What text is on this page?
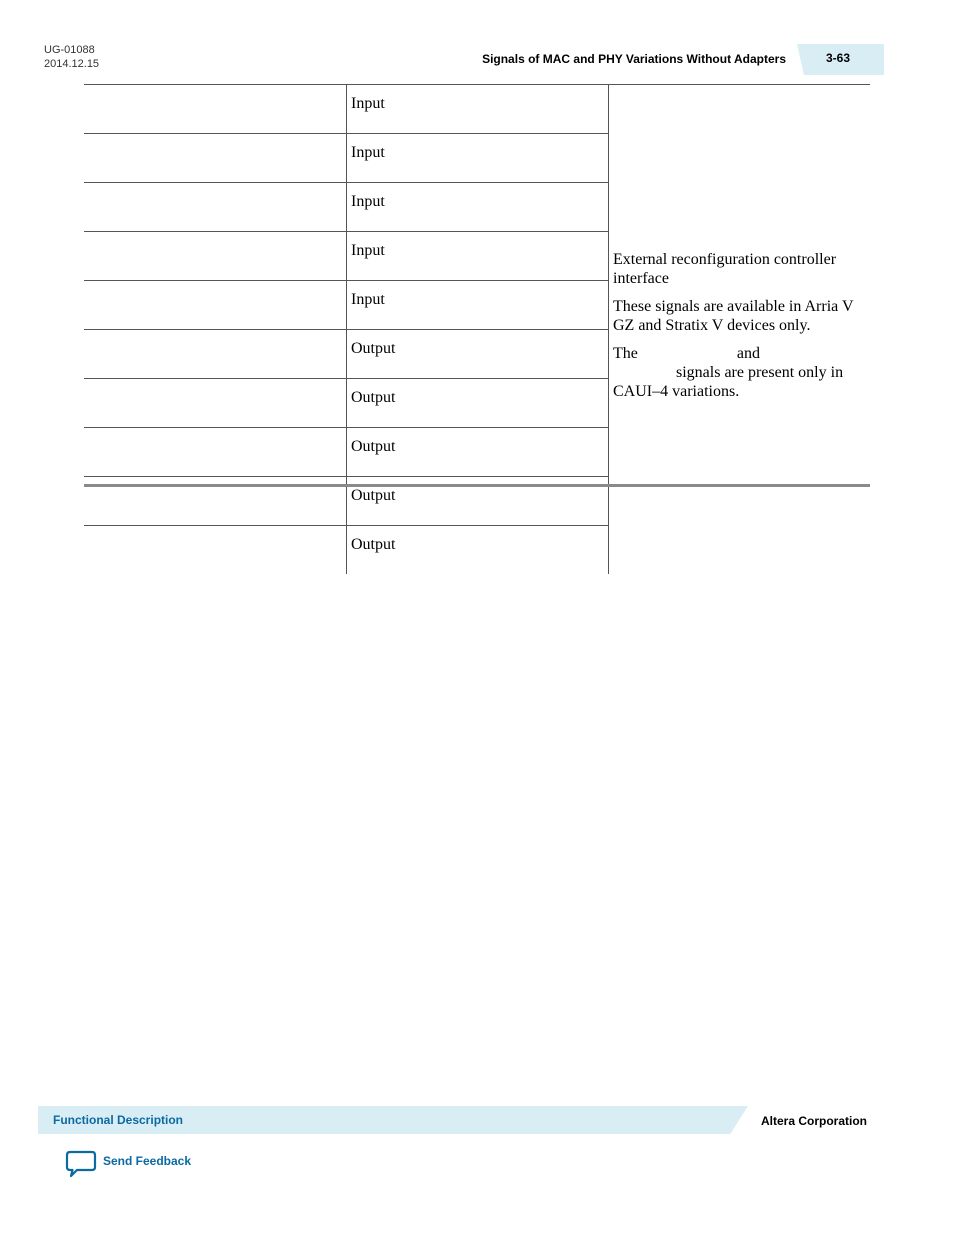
UG-01088
2014.12.15	Signals of MAC and PHY Variations Without Adapters	3-63
	Input	External reconfiguration controller interface

These signals are available in Arria V GZ and Stratix V devices only.

The and
signals are present only in CAUI–4 variations.

	Input	
	Input	
	Input	
	Input	
	Output	
	Output	
	Output	
	Output	
	Output	
Functional Description	Altera Corporation
Send Feedback
